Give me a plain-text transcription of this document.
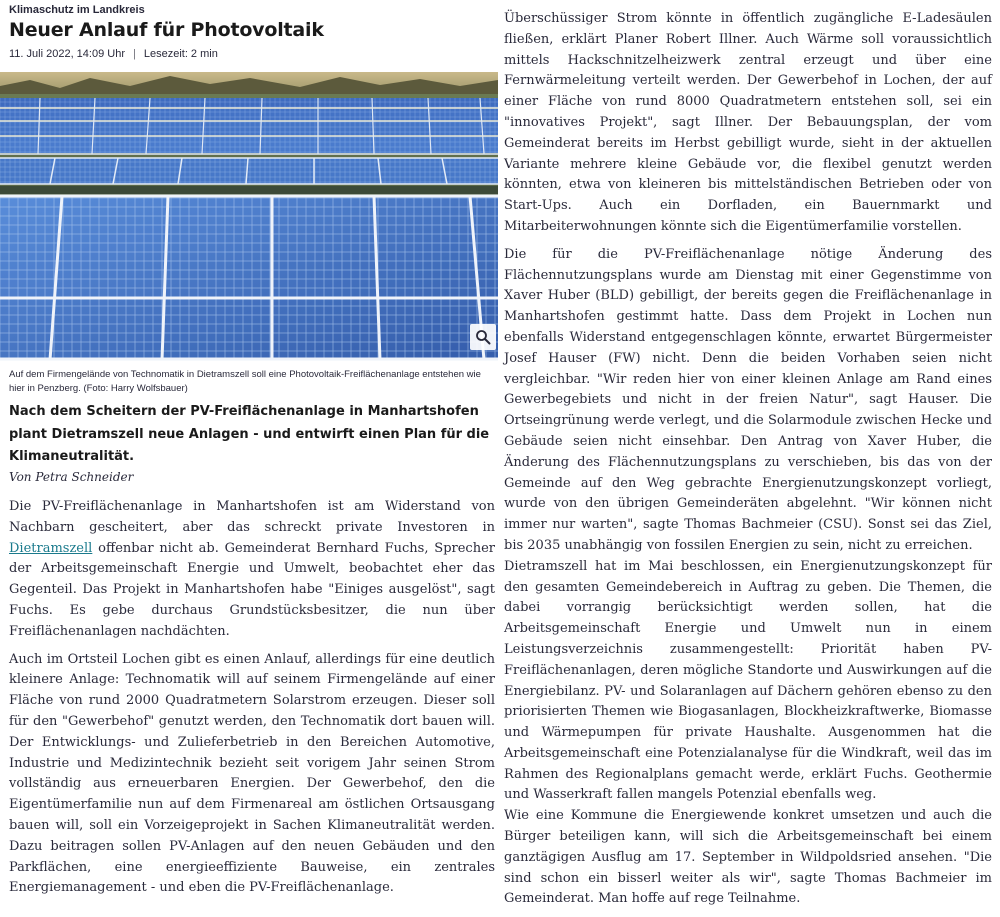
Klimaschutz im Landkreis
Neuer Anlauf für Photovoltaik
11. Juli 2022, 14:09 Uhr | Lesezeit: 2 min
Auf dem Firmengelände von Technomatik in Dietramszell soll eine Photovoltaik-Freiflächenanlage entstehen wie hier in Penzberg. (Foto: Harry Wolfsbauer)
Nach dem Scheitern der PV-Freiflächenanlage in Manhartshofen plant Dietramszell neue Anlagen - und entwirft einen Plan für die Klimaneutralität.
Von Petra Schneider

Die PV-Freiflächenanlage in Manhartshofen ist am Widerstand von Nachbarn gescheitert, aber das schreckt private Investoren in Dietramszell offenbar nicht ab. Gemeinderat Bernhard Fuchs, Sprecher der Arbeitsgemeinschaft Energie und Umwelt, beobachtet eher das Gegenteil. Das Projekt in Manhartshofen habe "Einiges ausgelöst", sagt Fuchs. Es gebe durchaus Grundstücksbesitzer, die nun über Freiflächenanlagen nachdächten.

Auch im Ortsteil Lochen gibt es einen Anlauf, allerdings für eine deutlich kleinere Anlage: Technomatik will auf seinem Firmengelände auf einer Fläche von rund 2000 Quadratmetern Solarstrom erzeugen. Dieser soll für den "Gewerbehof" genutzt werden, den Technomatik dort bauen will. Der Entwicklungs- und Zulieferbetrieb in den Bereichen Automotive, Industrie und Medizintechnik bezieht seit vorigem Jahr seinen Strom vollständig aus erneuerbaren Energien. Der Gewerbehof, den die Eigentümerfamilie nun auf dem Firmenareal am östlichen Ortsausgang bauen will, soll ein Vorzeigeprojekt in Sachen Klimaneutralität werden. Dazu beitragen sollen PV-Anlagen auf den neuen Gebäuden und den Parkflächen, eine energieeffiziente Bauweise, ein zentrales Energiemanagement - und eben die PV-Freiflächenanlage.

Überschüssiger Strom könnte in öffentlich zugängliche E-Ladesäulen fließen, erklärt Planer Robert Illner. Auch Wärme soll voraussichtlich mittels Hackschnitzelheizwerk zentral erzeugt und über eine Fernwärmeleitung verteilt werden. Der Gewerbehof in Lochen, der auf einer Fläche von rund 8000 Quadratmetern entstehen soll, sei ein "innovatives Projekt", sagt Illner. Der Bebauungsplan, der vom Gemeinderat bereits im Herbst gebilligt wurde, sieht in der aktuellen Variante mehrere kleine Gebäude vor, die flexibel genutzt werden könnten, etwa von kleineren bis mittelständischen Betrieben oder von Start-Ups. Auch ein Dorfladen, ein Bauernmarkt und Mitarbeiterwohnungen könnte sich die Eigentümerfamilie vorstellen.

Die für die PV-Freiflächenanlage nötige Änderung des Flächennutzungsplans wurde am Dienstag mit einer Gegenstimme von Xaver Huber (BLD) gebilligt, der bereits gegen die Freiflächenanlage in Manhartshofen gestimmt hatte. Dass dem Projekt in Lochen nun ebenfalls Widerstand entgegenschlagen könnte, erwartet Bürgermeister Josef Hauser (FW) nicht. Denn die beiden Vorhaben seien nicht vergleichbar. "Wir reden hier von einer kleinen Anlage am Rand eines Gewerbegebiets und nicht in der freien Natur", sagt Hauser. Die Ortseingrünung werde verlegt, und die Solarmodule zwischen Hecke und Gebäude seien nicht einsehbar. Den Antrag von Xaver Huber, die Änderung des Flächennutzungsplans zu verschieben, bis das von der Gemeinde auf den Weg gebrachte Energienutzungskonzept vorliegt, wurde von den übrigen Gemeinderäten abgelehnt. "Wir können nicht immer nur warten", sagte Thomas Bachmeier (CSU). Sonst sei das Ziel, bis 2035 unabhängig von fossilen Energien zu sein, nicht zu erreichen.

Dietramszell hat im Mai beschlossen, ein Energienutzungskonzept für den gesamten Gemeindebereich in Auftrag zu geben. Die Themen, die dabei vorrangig berücksichtigt werden sollen, hat die Arbeitsgemeinschaft Energie und Umwelt nun in einem Leistungsverzeichnis zusammengestellt: Priorität haben PV-Freiflächenanlagen, deren mögliche Standorte und Auswirkungen auf die Energiebilanz. PV- und Solaranlagen auf Dächern gehören ebenso zu den priorisierten Themen wie Biogasanlagen, Blockheizkraftwerke, Biomasse und Wärmepumpen für private Haushalte. Ausgenommen hat die Arbeitsgemeinschaft eine Potenzialanalyse für die Windkraft, weil das im Rahmen des Regionalplans gemacht werde, erklärt Fuchs. Geothermie und Wasserkraft fallen mangels Potenzial ebenfalls weg.

Wie eine Kommune die Energiewende konkret umsetzen und auch die Bürger beteiligen kann, will sich die Arbeitsgemeinschaft bei einem ganztägigen Ausflug am 17. September in Wildpoldsried ansehen. "Die sind schon ein bisserl weiter als wir", sagte Thomas Bachmeier im Gemeinderat. Man hoffe auf rege Teilnahme.
